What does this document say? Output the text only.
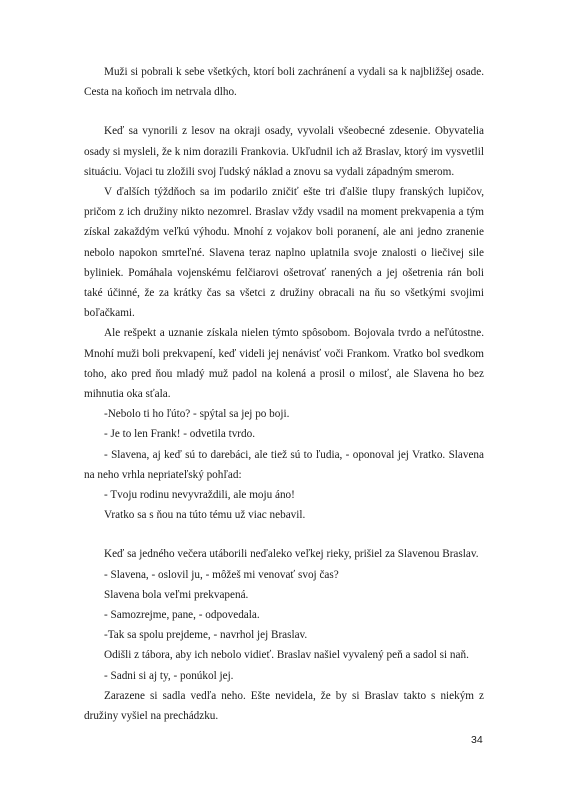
Muži si pobrali k sebe všetkých, ktorí boli zachránení a vydali sa k najbližšej osade. Cesta na koňoch im netrvala dlho.

Keď sa vynorili z lesov na okraji osady, vyvolali všeobecné zdesenie. Obyvatelia osady si mysleli, že k nim dorazili Frankovia. Ukľudnil ich až Braslav, ktorý im vysvetlil situáciu. Vojaci tu zložili svoj ľudský náklad a znovu sa vydali západným smerom.

V ďalších týždňoch sa im podarilo zničiť ešte tri ďalšie tlupy franských lupičov, pričom z ich družiny nikto nezomrel. Braslav vždy vsadil na moment prekvapenia a tým získal zakaždým veľkú výhodu. Mnohí z vojakov boli poranení, ale ani jedno zranenie nebolo napokon smrteľné. Slavena teraz naplno uplatnila svoje znalosti o liečivej sile byliniek. Pomáhala vojenskému felčiarovi ošetrovať ranených a jej ošetrenia rán boli také účinné, že za krátky čas sa všetci z družiny obracali na ňu so všetkými svojimi boľačkami.

Ale rešpekt a uznanie získala nielen týmto spôsobom. Bojovala tvrdo a neľútostne. Mnohí muži boli prekvapení, keď videli jej nenávisť voči Frankom. Vratko bol svedkom toho, ako pred ňou mladý muž padol na kolená a prosil o milosť, ale Slavena ho bez mihnutia oka sťala.

-Nebolo ti ho ľúto? - spýtal sa jej po boji.

- Je to len Frank! - odvetila tvrdo.

- Slavena, aj keď sú to darebáci, ale tiež sú to ľudia, - oponoval jej Vratko. Slavena na neho vrhla nepriateľský pohľad:

- Tvoju rodinu nevyvraždili, ale moju áno!

Vratko sa s ňou na túto tému už viac nebavil.

Keď sa jedného večera utáborili neďaleko veľkej rieky, prišiel za Slavenou Braslav.

- Slavena, - oslovil ju, - môžeš mi venovať svoj čas?

Slavena bola veľmi prekvapená.

- Samozrejme, pane, - odpovedala.

-Tak sa spolu prejdeme, - navrhol jej Braslav.

Odišli z tábora, aby ich nebolo vidieť. Braslav našiel vyvalený peň a sadol si naň.

- Sadni si aj ty, - ponúkol jej.

Zarazene si sadla vedľa neho. Ešte nevidela, že by si Braslav takto s niekým z družiny vyšiel na prechádzku.

34
